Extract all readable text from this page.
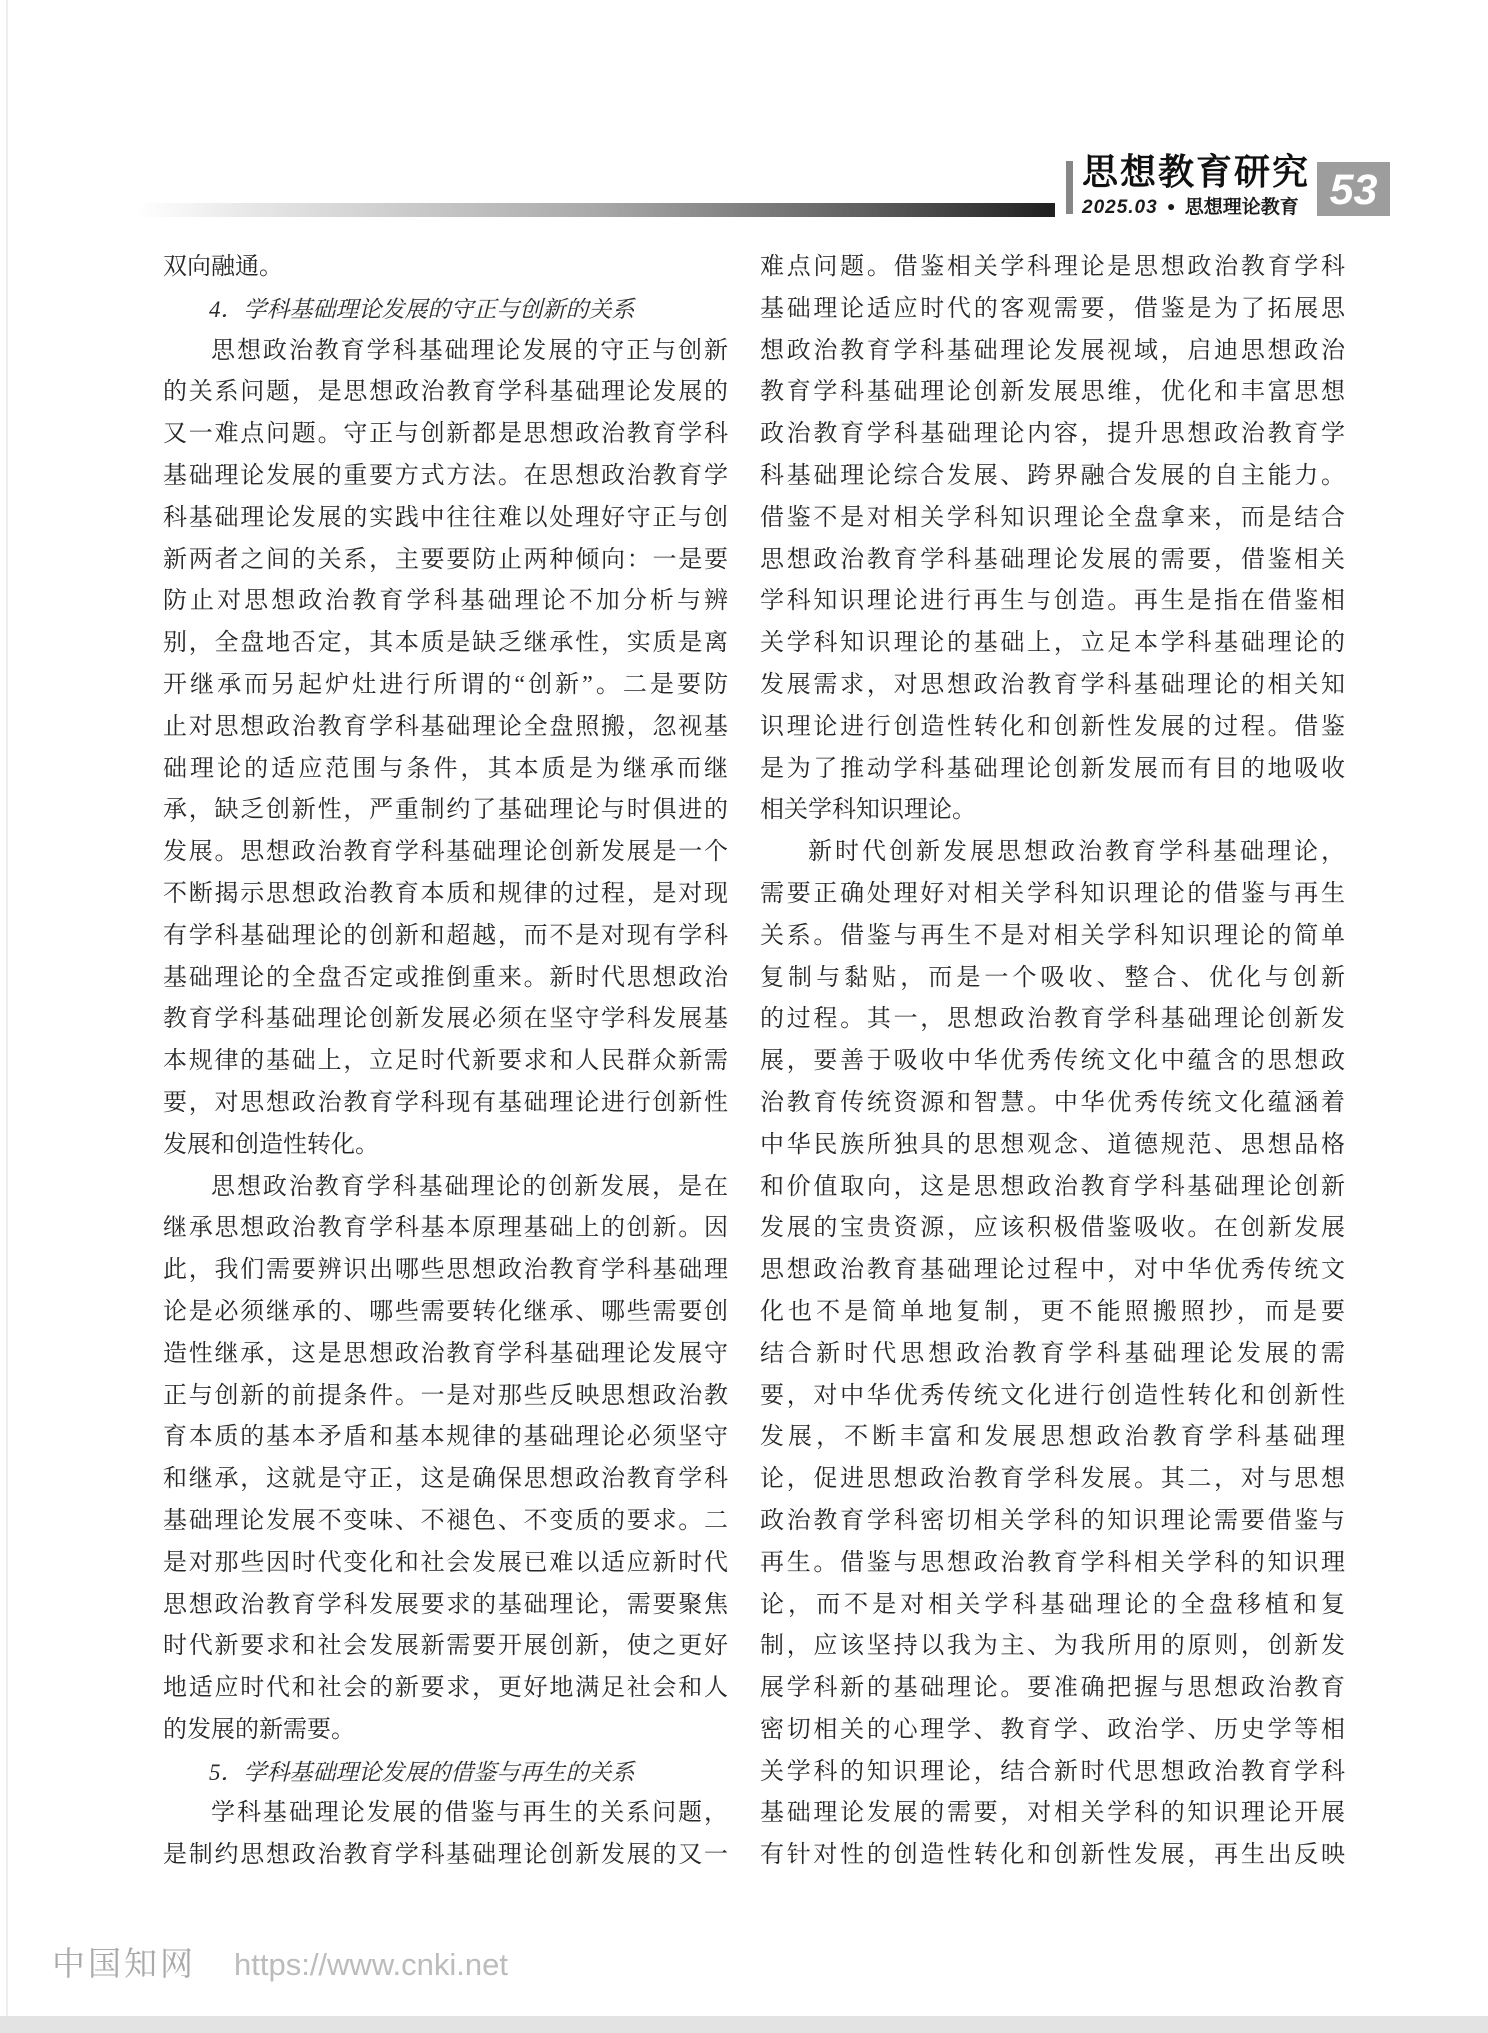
思想教育研究
2025.03 ● 思想理论教育 53
双向融通。
4．学科基础理论发展的守正与创新的关系
思想政治教育学科基础理论发展的守正与创新
的关系问题，是思想政治教育学科基础理论发展的
又一难点问题。守正与创新都是思想政治教育学科
基础理论发展的重要方式方法。在思想政治教育学
科基础理论发展的实践中往往难以处理好守正与创
新两者之间的关系，主要要防止两种倾向：一是要
防止对思想政治教育学科基础理论不加分析与辨
别，全盘地否定，其本质是缺乏继承性，实质是离
开继承而另起炉灶进行所谓的“创新”。二是要防
止对思想政治教育学科基础理论全盘照搬，忽视基
础理论的适应范围与条件，其本质是为继承而继
承，缺乏创新性，严重制约了基础理论与时俱进的
发展。思想政治教育学科基础理论创新发展是一个
不断揭示思想政治教育本质和规律的过程，是对现
有学科基础理论的创新和超越，而不是对现有学科
基础理论的全盘否定或推倒重来。新时代思想政治
教育学科基础理论创新发展必须在坚守学科发展基
本规律的基础上，立足时代新要求和人民群众新需
要，对思想政治教育学科现有基础理论进行创新性
发展和创造性转化。
思想政治教育学科基础理论的创新发展，是在
继承思想政治教育学科基本原理基础上的创新。因
此，我们需要辨识出哪些思想政治教育学科基础理
论是必须继承的、哪些需要转化继承、哪些需要创
造性继承，这是思想政治教育学科基础理论发展守
正与创新的前提条件。一是对那些反映思想政治教
育本质的基本矛盾和基本规律的基础理论必须坚守
和继承，这就是守正，这是确保思想政治教育学科
基础理论发展不变味、不褪色、不变质的要求。二
是对那些因时代变化和社会发展已难以适应新时代
思想政治教育学科发展要求的基础理论，需要聚焦
时代新要求和社会发展新需要开展创新，使之更好
地适应时代和社会的新要求，更好地满足社会和人
的发展的新需要。
5．学科基础理论发展的借鉴与再生的关系
学科基础理论发展的借鉴与再生的关系问题，
是制约思想政治教育学科基础理论创新发展的又一
难点问题。借鉴相关学科理论是思想政治教育学科
基础理论适应时代的客观需要，借鉴是为了拓展思
想政治教育学科基础理论发展视域，启迪思想政治
教育学科基础理论创新发展思维，优化和丰富思想
政治教育学科基础理论内容，提升思想政治教育学
科基础理论综合发展、跨界融合发展的自主能力。
借鉴不是对相关学科知识理论全盘拿来，而是结合
思想政治教育学科基础理论发展的需要，借鉴相关
学科知识理论进行再生与创造。再生是指在借鉴相
关学科知识理论的基础上，立足本学科基础理论的
发展需求，对思想政治教育学科基础理论的相关知
识理论进行创造性转化和创新性发展的过程。借鉴
是为了推动学科基础理论创新发展而有目的地吸收
相关学科知识理论。
新时代创新发展思想政治教育学科基础理论，
需要正确处理好对相关学科知识理论的借鉴与再生
关系。借鉴与再生不是对相关学科知识理论的简单
复制与黏贴，而是一个吸收、整合、优化与创新
的过程。其一，思想政治教育学科基础理论创新发
展，要善于吸收中华优秀传统文化中蕴含的思想政
治教育传统资源和智慧。中华优秀传统文化蕴涵着
中华民族所独具的思想观念、道德规范、思想品格
和价值取向，这是思想政治教育学科基础理论创新
发展的宝贵资源，应该积极借鉴吸收。在创新发展
思想政治教育基础理论过程中，对中华优秀传统文
化也不是简单地复制，更不能照搬照抄，而是要
结合新时代思想政治教育学科基础理论发展的需
要，对中华优秀传统文化进行创造性转化和创新性
发展，不断丰富和发展思想政治教育学科基础理
论，促进思想政治教育学科发展。其二，对与思想
政治教育学科密切相关学科的知识理论需要借鉴与
再生。借鉴与思想政治教育学科相关学科的知识理
论，而不是对相关学科基础理论的全盘移植和复
制，应该坚持以我为主、为我所用的原则，创新发
展学科新的基础理论。要准确把握与思想政治教育
密切相关的心理学、教育学、政治学、历史学等相
关学科的知识理论，结合新时代思想政治教育学科
基础理论发展的需要，对相关学科的知识理论开展
有针对性的创造性转化和创新性发展，再生出反映
中国知网 https://www.cnki.net
